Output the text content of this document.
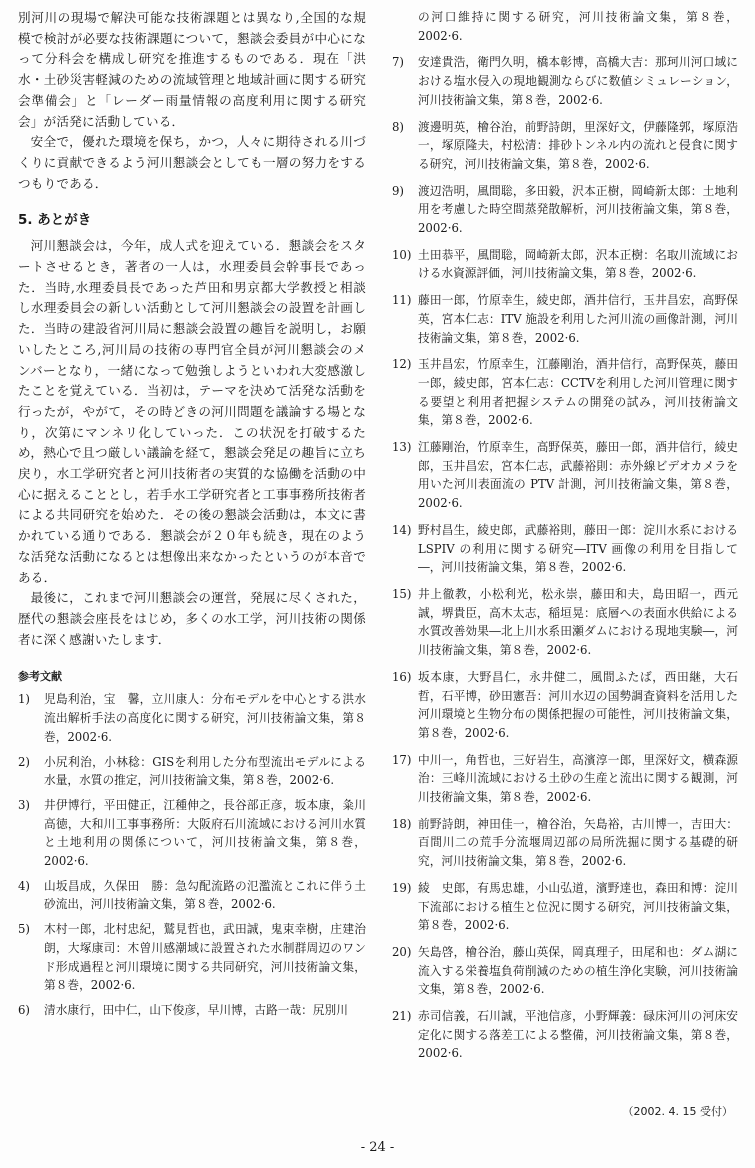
別河川の現場で解決可能な技術課題とは異なり,全国的な規模で検討が必要な技術課題について，懇談会委員が中心になって分科会を構成し研究を推進するものである．現在「洪水・土砂災害軽減のための流域管理と地域計画に関する研究会準備会」と「レーダー雨量情報の高度利用に関する研究会」が活発に活動している．

安全で，優れた環境を保ち，かつ，人々に期待される川づくりに貢献できるよう河川懇談会としても一層の努力をするつもりである．

5. あとがき

河川懇談会は，今年，成人式を迎えている．懇談会をスタートさせるとき，著者の一人は，水理委員会幹事長であった．当時,水理委員長であった芦田和男京都大学教授と相談し水理委員会の新しい活動として河川懇談会の設置を計画した．当時の建設省河川局に懇談会設置の趣旨を説明し，お願いしたところ,河川局の技術の専門官全員が河川懇談会のメンバーとなり，一緒になって勉強しようといわれ大変感激したことを覚えている．当初は，テーマを決めて活発な活動を行ったが，やがて，その時どきの河川問題を議論する場となり，次第にマンネリ化していった．この状況を打破するため，熱心で且つ厳しい議論を経て，懇談会発足の趣旨に立ち戻り，水工学研究者と河川技術者の実質的な協働を活動の中心に据えることとし，若手水工学研究者と工事事務所技術者による共同研究を始めた．その後の懇談会活動は，本文に書かれている通りである．懇談会が２０年も続き，現在のような活発な活動になるとは想像出来なかったというのが本音である．

最後に，これまで河川懇談会の運営，発展に尽くされた，歴代の懇談会座長をはじめ，多くの水工学，河川技術の関係者に深く感謝いたします．

参考文献
1)	児島利治，宝　馨，立川康人：分布モデルを中心とする洪水流出解析手法の高度化に関する研究，河川技術論文集，第８巻，2002·6.
2)	小尻利治，小林稔：GISを利用した分布型流出モデルによる水量，水質の推定，河川技術論文集，第８巻，2002·6.
3)	井伊博行，平田健正，江種伸之，長谷部正彦，坂本康，粂川高徳，大和川工事事務所：大阪府石川流域における河川水質と土地利用の関係について，河川技術論文集，第８巻，2002·6.
4)	山坂昌成，久保田　勝：急勾配流路の氾濫流とこれに伴う土砂流出，河川技術論文集，第８巻，2002·6.
5)	木村一郎，北村忠紀，鷲見哲也，武田誠，鬼束幸樹，庄建治朗，大塚康司：木曽川感潮域に設置された水制群周辺のワンド形成過程と河川環境に関する共同研究，河川技術論文集，第８巻，2002·6.
6)	清水康行，田中仁，山下俊彦，早川博，古路一哉：尻別川
の河口維持に関する研究，河川技術論文集，第８巻，2002·6.
7)	安達貴浩，衛門久明，橋本彰博，高橋大吉：那珂川河口域における塩水侵入の現地観測ならびに数値シミュレーション，河川技術論文集，第８巻，2002·6.
8)	渡邊明英，檜谷治，前野詩朗，里深好文，伊藤隆郭，塚原浩一，塚原隆夫，村松清：排砂トンネル内の流れと侵食に関する研究，河川技術論文集，第８巻，2002·6.
9)	渡辺浩明，風間聡，多田毅，沢本正樹，岡崎新太郎：土地利用を考慮した時空間蒸発散解析，河川技術論文集，第８巻，2002·6.
10) 土田恭平，風間聡，岡崎新太郎，沢本正樹：名取川流域における水資源評価，河川技術論文集，第８巻，2002·6.
11) 藤田一郎，竹原幸生，綾史郎，酒井信行，玉井昌宏，高野保英，宮本仁志：ITV 施設を利用した河川流の画像計測，河川技術論文集，第８巻，2002·6.
12) 玉井昌宏，竹原幸生，江藤剛治，酒井信行，高野保英，藤田一郎，綾史郎，宮本仁志：CCTVを利用した河川管理に関する要望と利用者把握システムの開発の試み，河川技術論文集，第８巻，2002·6.
13) 江藤剛治，竹原幸生，高野保英，藤田一郎，酒井信行，綾史郎，玉井昌宏，宮本仁志，武藤裕則：赤外線ビデオカメラを用いた河川表面流の PTV 計測，河川技術論文集，第８巻，2002·6.
14) 野村昌生，綾史郎，武藤裕則，藤田一郎：淀川水系における LSPIV の利用に関する研究―ITV 画像の利用を目指して―，河川技術論文集，第８巻，2002·6.
15) 井上徹教，小松利光，松永崇，藤田和夫，島田昭一，西元誠，堺貴臣，高木太志，稲垣晃：底層への表面水供給による水質改善効果―北上川水系田瀬ダムにおける現地実験―，河川技術論文集，第８巻，2002·6.
16) 坂本康，大野昌仁，永井健二，風間ふたば，西田継，大石哲，石平博，砂田憲吾：河川水辺の国勢調査資料を活用した河川環境と生物分布の関係把握の可能性，河川技術論文集，第８巻，2002·6.
17) 中川一，角哲也，三好岩生，高濱淳一郎，里深好文，横森源治：三峰川流域における土砂の生産と流出に関する観測，河川技術論文集，第８巻，2002·6.
18) 前野詩朗，神田佳一，檜谷治，矢島裕，古川博一，吉田大：百間川二の荒手分流堰周辺部の局所洗掘に関する基礎的研究，河川技術論文集，第８巻，2002·6.
19) 綾　史郎，有馬忠雄，小山弘道，濱野達也，森田和博：淀川下流部における植生と位況に関する研究，河川技術論文集，第８巻，2002·6.
20) 矢島啓，檜谷治，藤山英保，岡真理子，田尾和也：ダム湖に流入する栄養塩負荷削減のための植生浄化実験，河川技術論文集，第８巻，2002·6.
21) 赤司信義，石川誠，平池信彦，小野輝義：碌床河川の河床安定化に関する落差工による整備，河川技術論文集，第８巻，2002·6.
（2002. 4. 15 受付）
- 24 -
